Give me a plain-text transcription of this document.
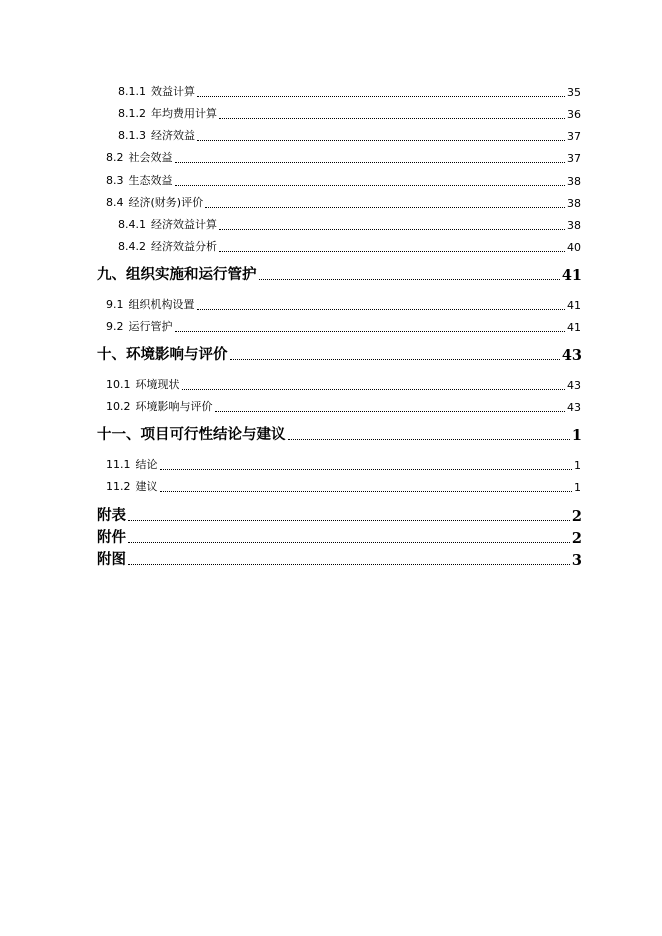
8.1.1 效益计算	35
8.1.2 年均费用计算	36
8.1.3 经济效益	37
8.2 社会效益	37
8.3 生态效益	38
8.4 经济(财务)评价	38
8.4.1 经济效益计算	38
8.4.2 经济效益分析	40
九、组织实施和运行管护	41
9.1 组织机构设置	41
9.2 运行管护	41
十、环境影响与评价	43
10.1 环境现状	43
10.2 环境影响与评价	43
十一、项目可行性结论与建议	1
11.1 结论	1
11.2 建议	1
附表	2
附件	2
附图	3
